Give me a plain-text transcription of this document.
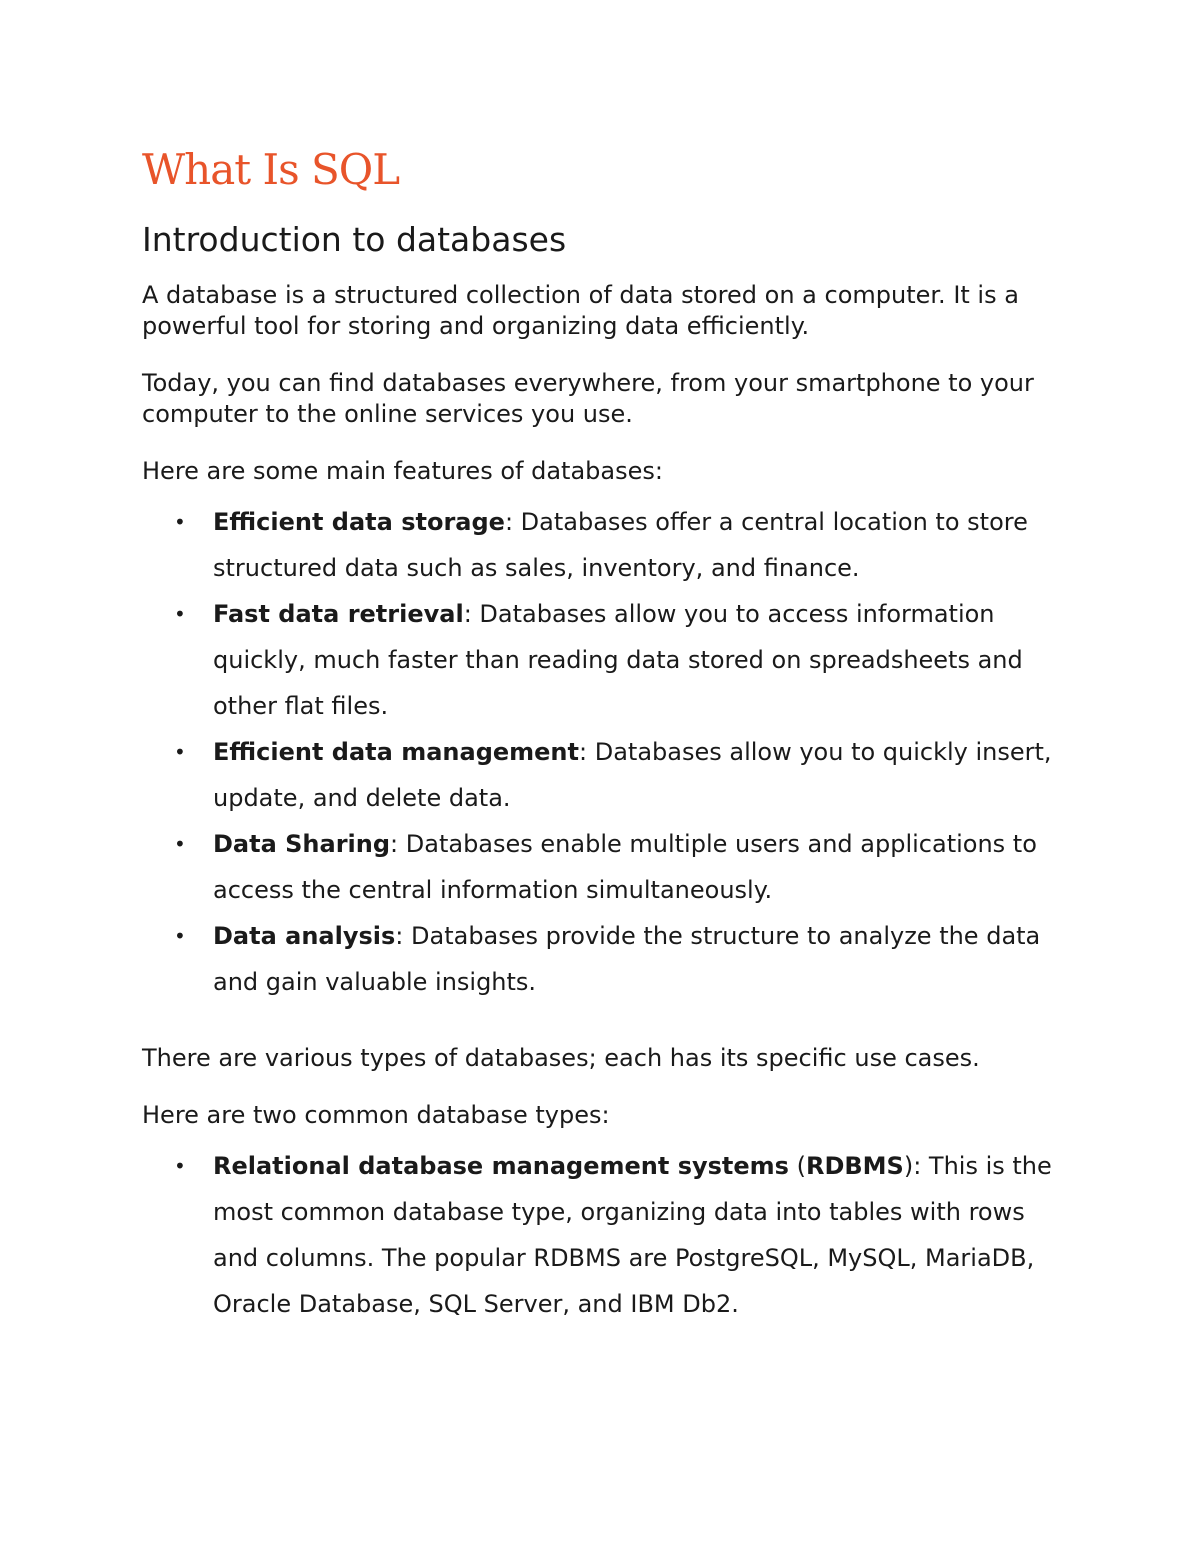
What Is SQL
Introduction to databases

A database is a structured collection of data stored on a computer. It is a powerful tool for storing and organizing data efficiently.

Today, you can find databases everywhere, from your smartphone to your computer to the online services you use.

Here are some main features of databases:

• Efficient data storage: Databases offer a central location to store structured data such as sales, inventory, and finance.
• Fast data retrieval: Databases allow you to access information quickly, much faster than reading data stored on spreadsheets and other flat files.
• Efficient data management: Databases allow you to quickly insert, update, and delete data.
• Data Sharing: Databases enable multiple users and applications to access the central information simultaneously.
• Data analysis: Databases provide the structure to analyze the data and gain valuable insights.

There are various types of databases; each has its specific use cases.

Here are two common database types:

• Relational database management systems (RDBMS): This is the most common database type, organizing data into tables with rows and columns. The popular RDBMS are PostgreSQL, MySQL, MariaDB, Oracle Database, SQL Server, and IBM Db2.
